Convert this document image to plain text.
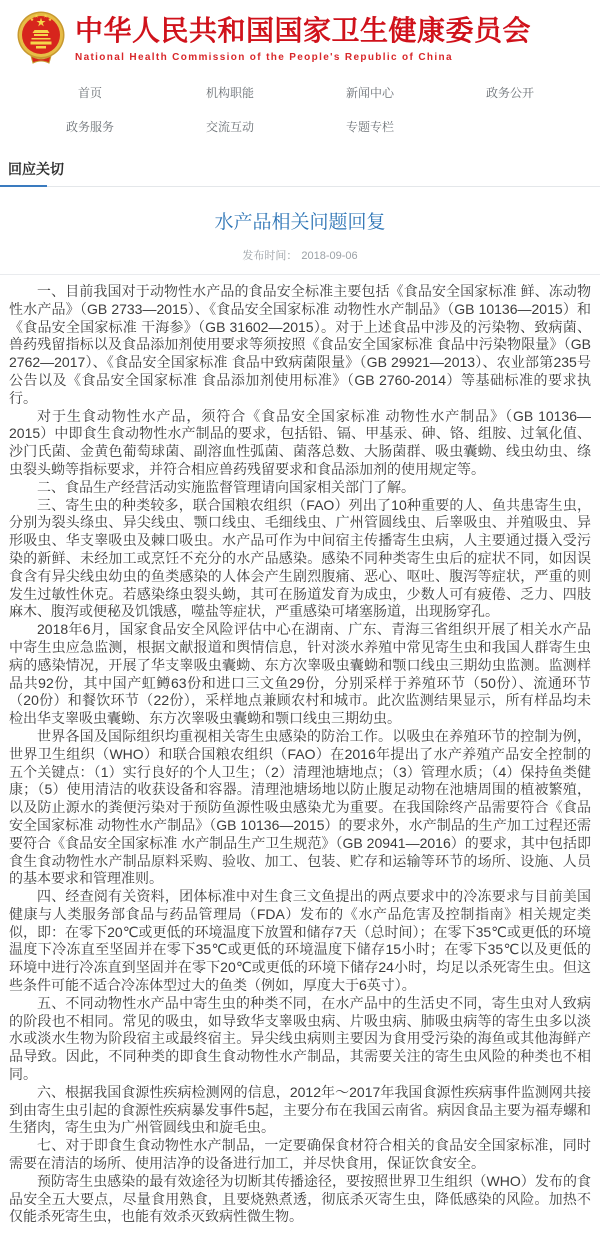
中华人民共和国国家卫生健康委员会
National Health Commission of the People's Republic of China
首页	机构职能	新闻中心	政务公开
政务服务	交流互动	专题专栏
回应关切
水产品相关问题回复
发布时间： 2018-09-06

一、目前我国对于动物性水产品的食品安全标准主要包括《食品安全国家标准 鲜、冻动物性水产品》（GB 2733—2015）、《食品安全国家标准 动物性水产制品》（GB 10136—2015）和《食品安全国家标准 干海参》（GB 31602—2015）。对于上述食品中涉及的污染物、致病菌、兽药残留指标以及食品添加剂使用要求等须按照《食品安全国家标准 食品中污染物限量》（GB 2762—2017）、《食品安全国家标准 食品中致病菌限量》（GB 29921—2013）、农业部第235号公告以及《食品安全国家标准 食品添加剂使用标准》（GB 2760-2014）等基础标准的要求执行。

对于生食动物性水产品，须符合《食品安全国家标准 动物性水产制品》（GB 10136—2015）中即食生食动物性水产制品的要求，包括铅、镉、甲基汞、砷、铬、组胺、过氧化值、沙门氏菌、金黄色葡萄球菌、副溶血性弧菌、菌落总数、大肠菌群、吸虫囊蚴、线虫幼虫、绦虫裂头蚴等指标要求，并符合相应兽药残留要求和食品添加剂的使用规定等。

二、食品生产经营活动实施监督管理请向国家相关部门了解。

三、寄生虫的种类较多，联合国粮农组织（FAO）列出了10种重要的人、鱼共患寄生虫，分别为裂头绦虫、异尖线虫、颚口线虫、毛细线虫、广州管圆线虫、后睾吸虫、并殖吸虫、异形吸虫、华支睾吸虫及棘口吸虫。水产品可作为中间宿主传播寄生虫病，人主要通过摄入受污染的新鲜、未经加工或烹饪不充分的水产品感染。感染不同种类寄生虫后的症状不同，如因误食含有异尖线虫幼虫的鱼类感染的人体会产生剧烈腹痛、恶心、呕吐、腹泻等症状，严重的则发生过敏性休克。若感染绦虫裂头蚴，其可在肠道发育为成虫，少数人可有疲倦、乏力、四肢麻木、腹泻或便秘及饥饿感，噬盐等症状，严重感染可堵塞肠道，出现肠穿孔。

2018年6月，国家食品安全风险评估中心在湖南、广东、青海三省组织开展了相关水产品中寄生虫应急监测，根据文献报道和舆情信息，针对淡水养殖中常见寄生虫和我国人群寄生虫病的感染情况，开展了华支睾吸虫囊蚴、东方次睾吸虫囊蚴和颚口线虫三期幼虫监测。监测样品共92份，其中国产虹鳟63份和进口三文鱼29份，分别采样于养殖环节（50份）、流通环节（20份）和餐饮环节（22份），采样地点兼顾农村和城市。此次监测结果显示，所有样品均未检出华支睾吸虫囊蚴、东方次睾吸虫囊蚴和颚口线虫三期幼虫。

世界各国及国际组织均重视相关寄生虫感染的防治工作。以吸虫在养殖环节的控制为例，世界卫生组织（WHO）和联合国粮农组织（FAO）在2016年提出了水产养殖产品安全控制的五个关键点：（1）实行良好的个人卫生；（2）清理池塘地点；（3）管理水质；（4）保持鱼类健康；（5）使用清洁的收获设备和容器。清理池塘场地以防止腹足动物在池塘周围的植被繁殖，以及防止源水的粪便污染对于预防鱼源性吸虫感染尤为重要。在我国除终产品需要符合《食品安全国家标准 动物性水产制品》（GB 10136—2015）的要求外，水产制品的生产加工过程还需要符合《食品安全国家标准 水产制品生产卫生规范》（GB 20941—2016）的要求，其中包括即食生食动物性水产制品原料采购、验收、加工、包装、贮存和运输等环节的场所、设施、人员的基本要求和管理准则。

四、经查阅有关资料，团体标准中对生食三文鱼提出的两点要求中的冷冻要求与目前美国健康与人类服务部食品与药品管理局（FDA）发布的《水产品危害及控制指南》相关规定类似，即：在零下20℃或更低的环境温度下放置和储存7天（总时间）；在零下35℃或更低的环境温度下冷冻直至坚固并在零下35℃或更低的环境温度下储存15小时；在零下35℃以及更低的环境中进行冷冻直到坚固并在零下20℃或更低的环境下储存24小时，均足以杀死寄生虫。但这些条件可能不适合冷冻体型过大的鱼类（例如，厚度大于6英寸）。

五、不同动物性水产品中寄生虫的种类不同，在水产品中的生活史不同，寄生虫对人致病的阶段也不相同。常见的吸虫，如导致华支睾吸虫病、片吸虫病、肺吸虫病等的寄生虫多以淡水或淡水生物为阶段宿主或最终宿主。异尖线虫病则主要因为食用受污染的海鱼或其他海鲜产品导致。因此，不同种类的即食生食动物性水产制品，其需要关注的寄生虫风险的种类也不相同。

六、根据我国食源性疾病检测网的信息，2012年～2017年我国食源性疾病事件监测网共接到由寄生虫引起的食源性疾病暴发事件5起，主要分布在我国云南省。病因食品主要为福寿螺和生猪肉，寄生虫为广州管圆线虫和旋毛虫。

七、对于即食生食动物性水产制品，一定要确保食材符合相关的食品安全国家标准，同时需要在清洁的场所、使用洁净的设备进行加工，并尽快食用，保证饮食安全。

预防寄生虫感染的最有效途径为切断其传播途径，要按照世界卫生组织（WHO）发布的食品安全五大要点，尽量食用熟食，且要烧熟煮透，彻底杀灭寄生虫，降低感染的风险。加热不仅能杀死寄生虫，也能有效杀灭致病性微生物。
